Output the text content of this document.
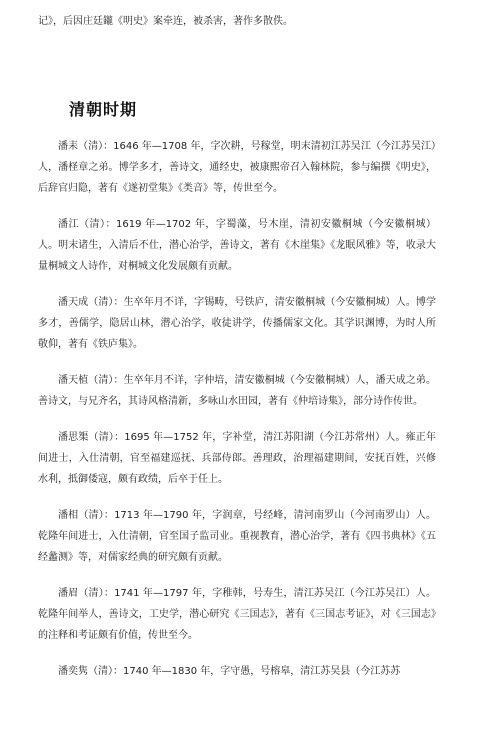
记》，后因庄廷鑨《明史》案牵连，被杀害，著作多散佚。

清朝时期

潘耒（清）：1646 年—1708 年，字次耕，号稼堂，明末清初江苏吴江（今江苏吴江）人，潘柽章之弟。博学多才，善诗文，通经史，被康熙帝召入翰林院，参与编撰《明史》，后辞官归隐，著有《遂初堂集》《类音》等，传世至今。

潘江（清）：1619 年—1702 年，字蜀藻，号木崖，清初安徽桐城（今安徽桐城）人。明末诸生，入清后不仕，潜心治学，善诗文，著有《木崖集》《龙眠风雅》等，收录大量桐城文人诗作，对桐城文化发展颇有贡献。

潘天成（清）：生卒年月不详，字锡畴，号铁庐，清安徽桐城（今安徽桐城）人。博学多才，善儒学，隐居山林，潜心治学，收徒讲学，传播儒家文化。其学识渊博，为时人所敬仰，著有《铁庐集》。

潘天植（清）：生卒年月不详，字仲培，清安徽桐城（今安徽桐城）人，潘天成之弟。善诗文，与兄齐名，其诗风格清新，多咏山水田园，著有《仲培诗集》，部分诗作传世。

潘思榘（清）：1695 年—1752 年，字补堂，清江苏阳湖（今江苏常州）人。雍正年间进士，入仕清朝，官至福建巡抚、兵部侍郎。善理政，治理福建期间，安抚百姓，兴修水利，抵御倭寇，颇有政绩，后卒于任上。

潘相（清）：1713 年—1790 年，字润章，号经峰，清河南罗山（今河南罗山）人。乾隆年间进士，入仕清朝，官至国子监司业。重视教育，潜心治学，著有《四书典林》《五经蠡测》等，对儒家经典的研究颇有贡献。

潘眉（清）：1741 年—1797 年，字稚韩，号寿生，清江苏吴江（今江苏吴江）人。乾隆年间举人，善诗文，工史学，潜心研究《三国志》，著有《三国志考证》，对《三国志》的注释和考证颇有价值，传世至今。

潘奕隽（清）：1740 年—1830 年，字守愚，号榕皋，清江苏吴县（今江苏苏
